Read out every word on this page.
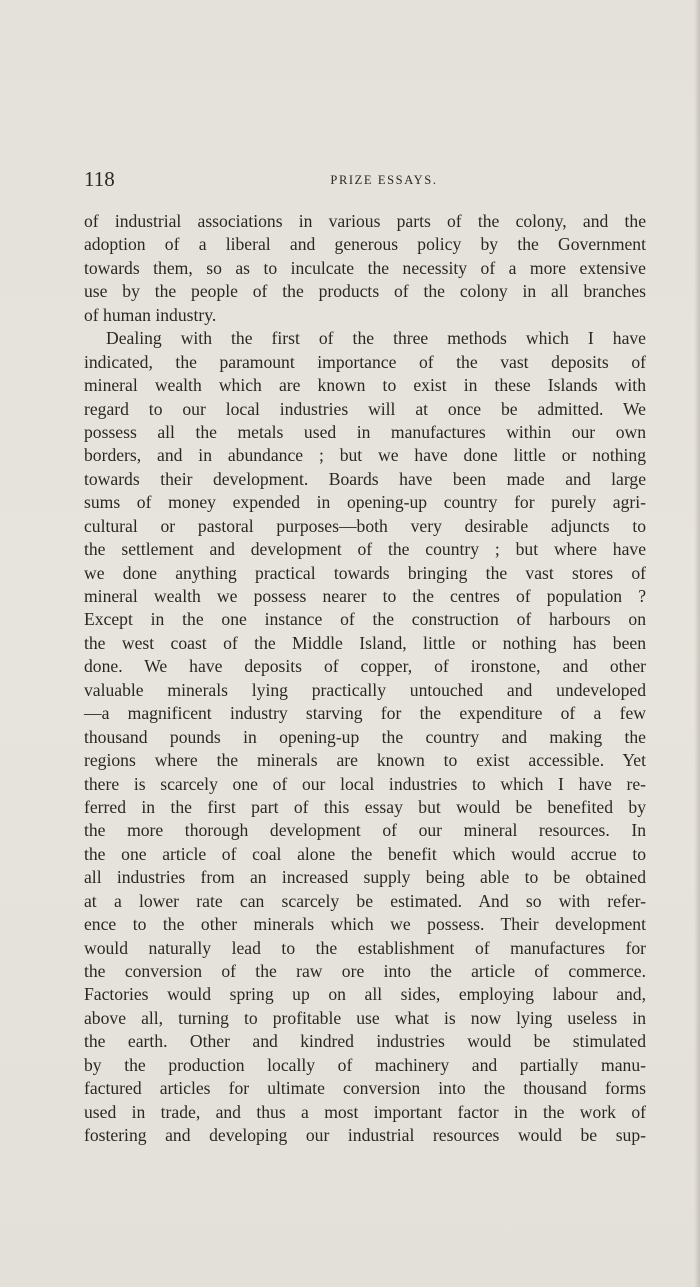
118	PRIZE ESSAYS.
of industrial associations in various parts of the colony, and the
adoption of a liberal and generous policy by the Government
towards them, so as to inculcate the necessity of a more extensive
use by the people of the products of the colony in all branches
of human industry.
Dealing with the first of the three methods which I have
indicated, the paramount importance of the vast deposits of
mineral wealth which are known to exist in these Islands with
regard to our local industries will at once be admitted. We
possess all the metals used in manufactures within our own
borders, and in abundance ; but we have done little or nothing
towards their development. Boards have been made and large
sums of money expended in opening-up country for purely agri-
cultural or pastoral purposes—both very desirable adjuncts to
the settlement and development of the country ; but where have
we done anything practical towards bringing the vast stores of
mineral wealth we possess nearer to the centres of population ?
Except in the one instance of the construction of harbours on
the west coast of the Middle Island, little or nothing has been
done. We have deposits of copper, of ironstone, and other
valuable minerals lying practically untouched and undeveloped
—a magnificent industry starving for the expenditure of a few
thousand pounds in opening-up the country and making the
regions where the minerals are known to exist accessible. Yet
there is scarcely one of our local industries to which I have re-
ferred in the first part of this essay but would be benefited by
the more thorough development of our mineral resources. In
the one article of coal alone the benefit which would accrue to
all industries from an increased supply being able to be obtained
at a lower rate can scarcely be estimated. And so with refer-
ence to the other minerals which we possess. Their development
would naturally lead to the establishment of manufactures for
the conversion of the raw ore into the article of commerce.
Factories would spring up on all sides, employing labour and,
above all, turning to profitable use what is now lying useless in
the earth. Other and kindred industries would be stimulated
by the production locally of machinery and partially manu-
factured articles for ultimate conversion into the thousand forms
used in trade, and thus a most important factor in the work of
fostering and developing our industrial resources would be sup-
